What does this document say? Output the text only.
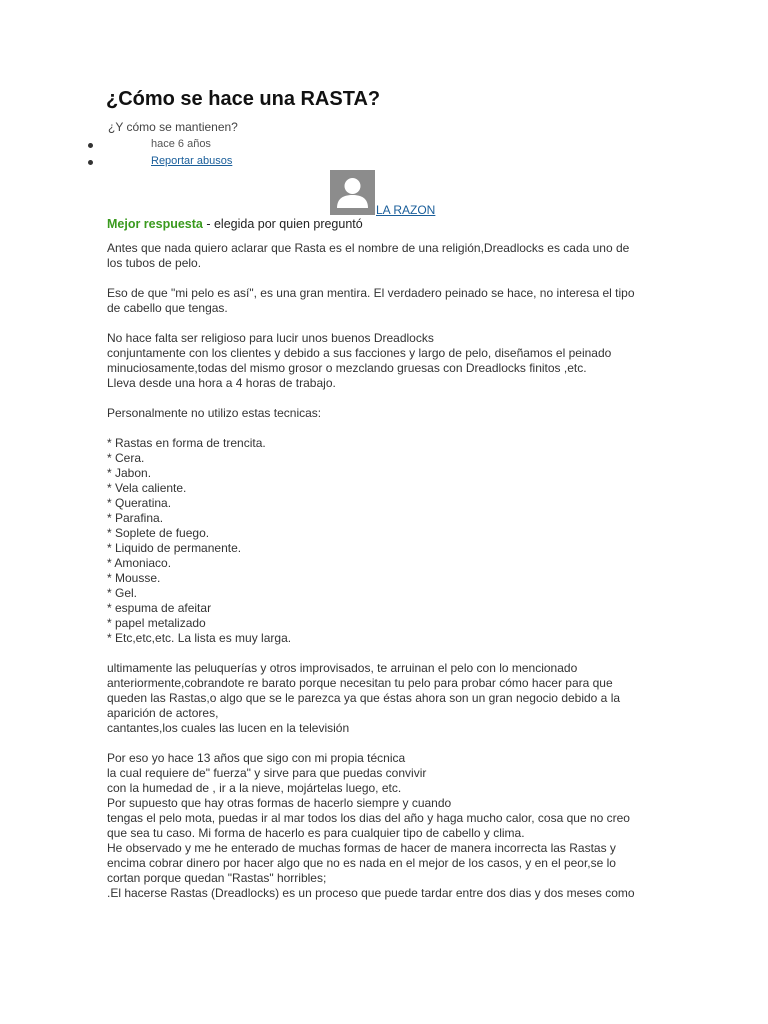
¿Cómo se hace una RASTA?
¿Y cómo se mantienen?
hace 6 años
Reportar abusos
LA RAZON
Mejor respuesta - elegida por quien preguntó
Antes que nada quiero aclarar que Rasta es el nombre de una religión,Dreadlocks es cada uno de
los tubos de pelo.
Eso de que "mi pelo es así", es una gran mentira. El verdadero peinado se hace, no interesa el tipo
de cabello que tengas.
No hace falta ser religioso para lucir unos buenos Dreadlocks
conjuntamente con los clientes y debido a sus facciones y largo de pelo, diseñamos el peinado
minuciosamente,todas del mismo grosor o mezclando gruesas con Dreadlocks finitos ,etc.
Lleva desde una hora a 4 horas de trabajo.
Personalmente no utilizo estas tecnicas:
* Rastas en forma de trencita.
* Cera.
* Jabon.
* Vela caliente.
* Queratina.
* Parafina.
* Soplete de fuego.
* Liquido de permanente.
* Amoniaco.
* Mousse.
* Gel.
* espuma de afeitar
* papel metalizado
* Etc,etc,etc. La lista es muy larga.
ultimamente las peluquerías y otros improvisados, te arruinan el pelo con lo mencionado
anteriormente,cobrandote re barato porque necesitan tu pelo para probar cómo hacer para que
queden las Rastas,o algo que se le parezca ya que éstas ahora son un gran negocio debido a la
aparición de actores,
cantantes,los cuales las lucen en la televisión
Por eso yo hace 13 años que sigo con mi propia técnica
la cual requiere de" fuerza" y sirve para que puedas convivir
con la humedad de , ir a la nieve, mojártelas luego, etc.
Por supuesto que hay otras formas de hacerlo siempre y cuando
tengas el pelo mota, puedas ir al mar todos los dias del año y haga mucho calor, cosa que no creo
que sea tu caso. Mi forma de hacerlo es para cualquier tipo de cabello y clima.
He observado y me he enterado de muchas formas de hacer de manera incorrecta las Rastas y
encima cobrar dinero por hacer algo que no es nada en el mejor de los casos, y en el peor,se lo
cortan porque quedan "Rastas" horribles;
.El hacerse Rastas (Dreadlocks) es un proceso que puede tardar entre dos dias y dos meses como
